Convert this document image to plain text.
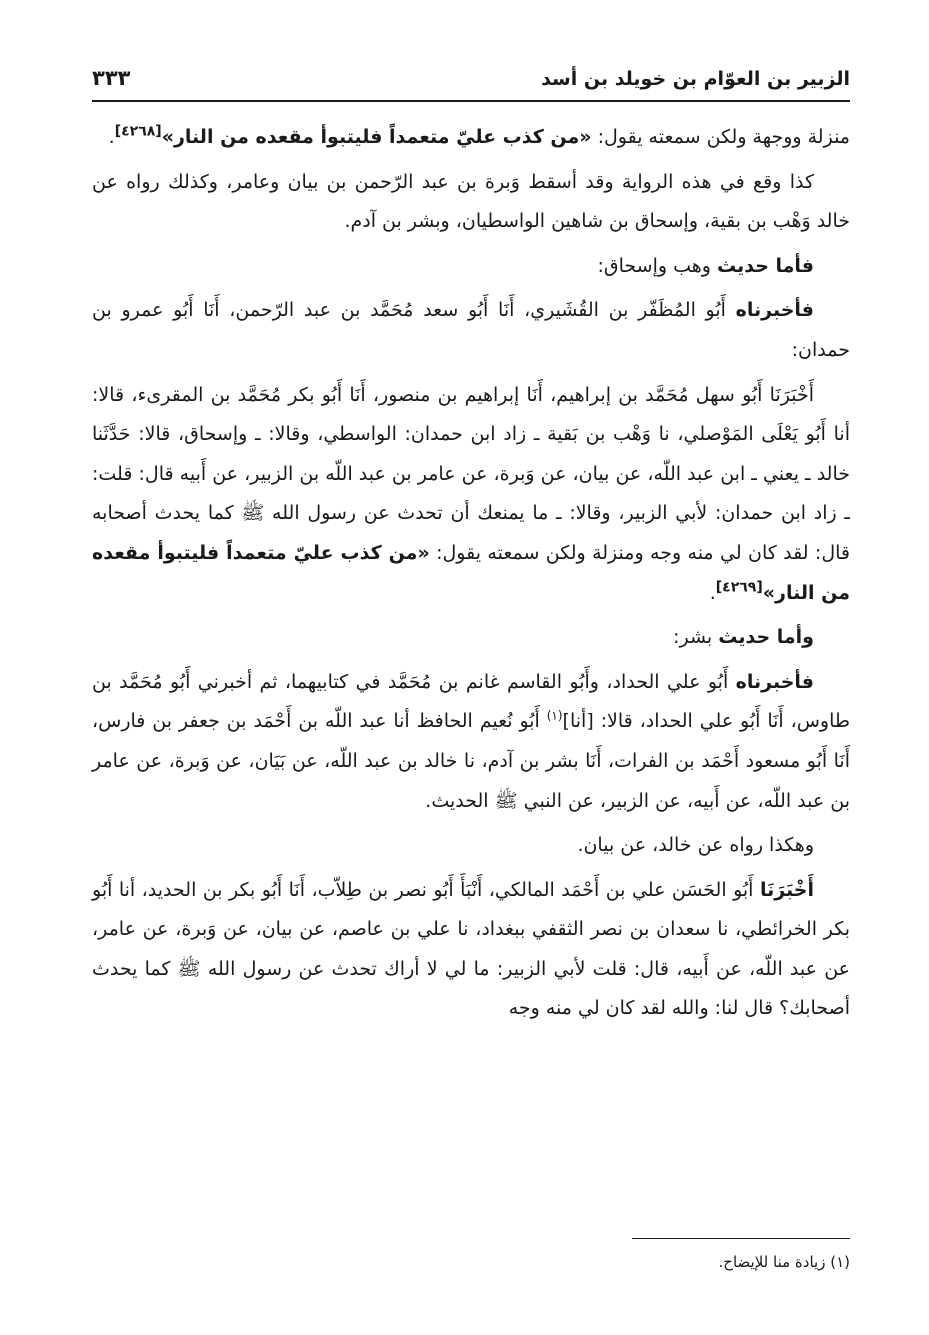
الزبير بن العوّام بن خويلد بن أسد
٣٣٣

منزلة ووجهة ولكن سمعته يقول: «من كذب عليّ متعمداً فليتبوأ مقعده من النار»[٤٢٦٨].

كذا وقع في هذه الرواية وقد أسقط وَبرة بن عبد الرّحمن بن بيان وعامر، وكذلك رواه عن خالد وَهْب بن بقية، وإسحاق بن شاهين الواسطيان، وبشر بن آدم.

فأما حديث وهب وإسحاق:

فأخبرناه أَبُو المُظَفّر بن القُشَيري، أَنَا أَبُو سعد مُحَمَّد بن عبد الرّحمن، أَنَا أَبُو عمرو بن حمدان:

أَخْبَرَنَا أَبُو سهل مُحَمَّد بن إبراهيم، أَنَا إبراهيم بن منصور، أَنَا أَبُو بكر مُحَمَّد بن المقرىء، قالا: أنا أَبُو يَعْلَى المَوْصلي، نا وَهْب بن بَقية ـ زاد ابن حمدان: الواسطي، وقالا: ـ وإسحاق، قالا: حَدَّثَنا خالد ـ يعني ـ ابن عبد اللّه، عن بيان، عن وَبرة، عن عامر بن عبد اللّه بن الزبير، عن أَبيه قال: قلت: ـ زاد ابن حمدان: لأبي الزبير، وقالا: ـ ما يمنعك أن تحدث عن رسول الله ﷺ كما يحدث أصحابه قال: لقد كان لي منه وجه ومنزلة ولكن سمعته يقول: «من كذب عليّ متعمداً فليتبوأ مقعده من النار»[٤٢٦٩].

وأما حديث بشر:

فأخبرناه أَبُو علي الحداد، وأَبُو القاسم غانم بن مُحَمَّد في كتابيهما، ثم أخبرني أَبُو مُحَمَّد بن طاوس، أَنَا أَبُو علي الحداد، قالا: [أنا]$^{(١)}$ أَبُو نُعيم الحافظ أنا عبد اللّه بن أَحْمَد بن جعفر بن فارس، أَنَا أَبُو مسعود أَحْمَد بن الفرات، أَنَا بشر بن آدم، نا خالد بن عبد اللّه، عن بَيَان، عن وَبرة، عن عامر بن عبد اللّه، عن أَبيه، عن الزبير، عن النبي ﷺ الحديث.

وهكذا رواه عن خالد، عن بيان.

أَخْبَرَنَا أَبُو الحَسَن علي بن أَحْمَد المالكي، أَنْبَأَ أَبُو نصر بن طِلاّب، أَنَا أَبُو بكر بن الحديد، أنا أَبُو بكر الخرائطي، نا سعدان بن نصر الثقفي ببغداد، نا علي بن عاصم، عن بيان، عن وَبرة، عن عامر، عن عبد اللّه، عن أَبيه، قال: قلت لأبي الزبير: ما لي لا أراك تحدث عن رسول الله ﷺ كما يحدث أصحابك؟ قال لنا: والله لقد كان لي منه وجه

(١) زيادة منا للإيضاح.
